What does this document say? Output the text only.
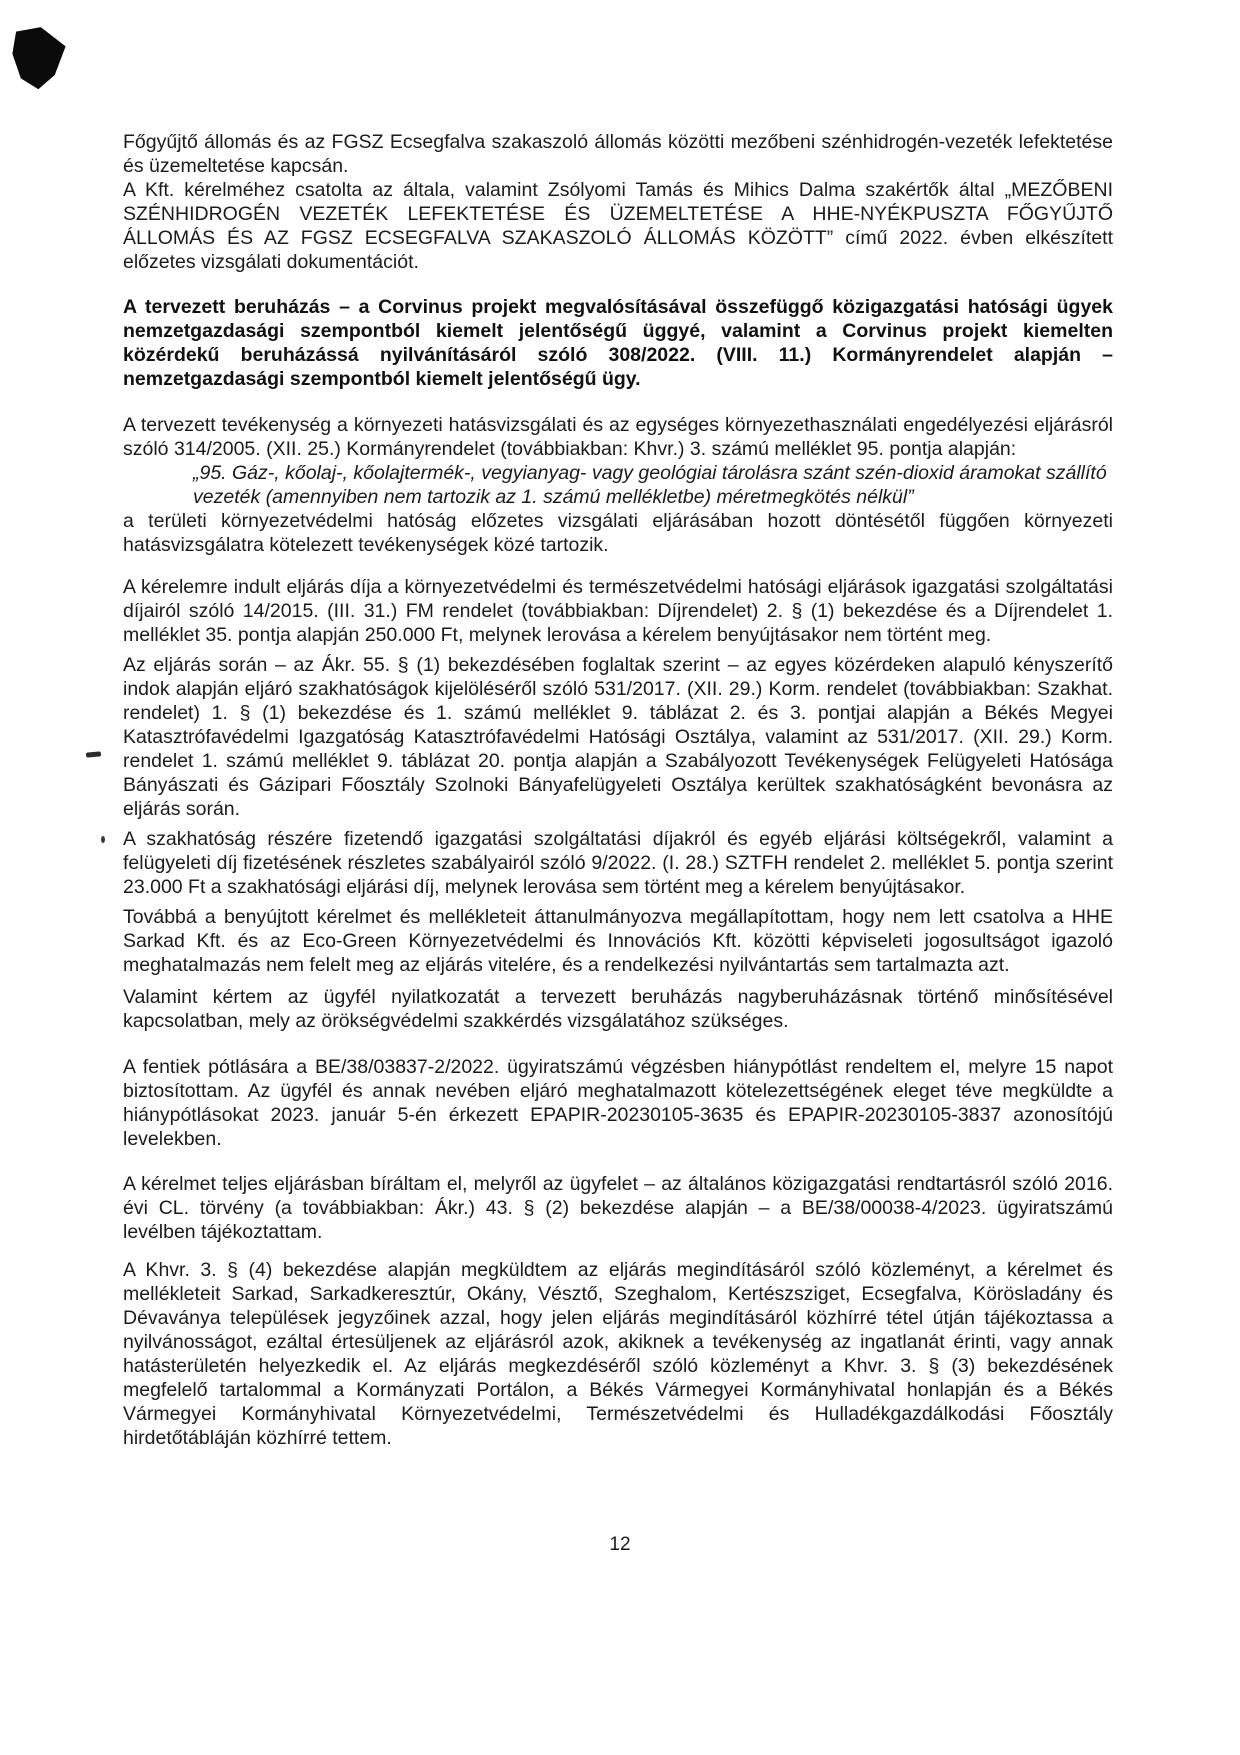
Főgyűjtő állomás és az FGSZ Ecsegfalva szakaszoló állomás közötti mezőbeni szénhidrogén-vezeték lefektetése és üzemeltetése kapcsán.

A Kft. kérelméhez csatolta az általa, valamint Zsólyomi Tamás és Mihics Dalma szakértők által „MEZŐBENI SZÉNHIDROGÉN VEZETÉK LEFEKTETÉSE ÉS ÜZEMELTETÉSE A HHE-NYÉKPUSZTA FŐGYŰJTŐ ÁLLOMÁS ÉS AZ FGSZ ECSEGFALVA SZAKASZOLÓ ÁLLOMÁS KÖZÖTT” című 2022. évben elkészített előzetes vizsgálati dokumentációt.

A tervezett beruházás – a Corvinus projekt megvalósításával összefüggő közigazgatási hatósági ügyek nemzetgazdasági szempontból kiemelt jelentőségű üggyé, valamint a Corvinus projekt kiemelten közérdekű beruházássá nyilvánításáról szóló 308/2022. (VIII. 11.) Kormányrendelet alapján – nemzetgazdasági szempontból kiemelt jelentőségű ügy.

A tervezett tevékenység a környezeti hatásvizsgálati és az egységes környezethasználati engedélyezési eljárásról szóló 314/2005. (XII. 25.) Kormányrendelet (továbbiakban: Khvr.) 3. számú melléklet 95. pontja alapján:

„95. Gáz-, kőolaj-, kőolajtermék-, vegyianyag- vagy geológiai tárolásra szánt szén-dioxid áramokat szállító vezeték (amennyiben nem tartozik az 1. számú mellékletbe) méretmegkötés nélkül”

a területi környezetvédelmi hatóság előzetes vizsgálati eljárásában hozott döntésétől függően környezeti hatásvizsgálatra kötelezett tevékenységek közé tartozik.

A kérelemre indult eljárás díja a környezetvédelmi és természetvédelmi hatósági eljárások igazgatási szolgáltatási díjairól szóló 14/2015. (III. 31.) FM rendelet (továbbiakban: Díjrendelet) 2. § (1) bekezdése és a Díjrendelet 1. melléklet 35. pontja alapján 250.000 Ft, melynek lerovása a kérelem benyújtásakor nem történt meg.

Az eljárás során – az Ákr. 55. § (1) bekezdésében foglaltak szerint – az egyes közérdeken alapuló kényszerítő indok alapján eljáró szakhatóságok kijelöléséről szóló 531/2017. (XII. 29.) Korm. rendelet (továbbiakban: Szakhat. rendelet) 1. § (1) bekezdése és 1. számú melléklet 9. táblázat 2. és 3. pontjai alapján a Békés Megyei Katasztrófavédelmi Igazgatóság Katasztrófavédelmi Hatósági Osztálya, valamint az 531/2017. (XII. 29.) Korm. rendelet 1. számú melléklet 9. táblázat 20. pontja alapján a Szabályozott Tevékenységek Felügyeleti Hatósága Bányászati és Gázipari Főosztály Szolnoki Bányafelügyeleti Osztálya kerültek szakhatóságként bevonásra az eljárás során.

A szakhatóság részére fizetendő igazgatási szolgáltatási díjakról és egyéb eljárási költségekről, valamint a felügyeleti díj fizetésének részletes szabályairól szóló 9/2022. (I. 28.) SZTFH rendelet 2. melléklet 5. pontja szerint 23.000 Ft a szakhatósági eljárási díj, melynek lerovása sem történt meg a kérelem benyújtásakor.

Továbbá a benyújtott kérelmet és mellékleteit áttanulmányozva megállapítottam, hogy nem lett csatolva a HHE Sarkad Kft. és az Eco-Green Környezetvédelmi és Innovációs Kft. közötti képviseleti jogosultságot igazoló meghatalmazás nem felelt meg az eljárás vitelére, és a rendelkezési nyilvántartás sem tartalmazta azt.

Valamint kértem az ügyfél nyilatkozatát a tervezett beruházás nagyberuházásnak történő minősítésével kapcsolatban, mely az örökségvédelmi szakkérdés vizsgálatához szükséges.

A fentiek pótlására a BE/38/03837-2/2022. ügyiratszámú végzésben hiánypótlást rendeltem el, melyre 15 napot biztosítottam. Az ügyfél és annak nevében eljáró meghatalmazott kötelezettségének eleget téve megküldte a hiánypótlásokat 2023. január 5-én érkezett EPAPIR-20230105-3635 és EPAPIR-20230105-3837 azonosítójú levelekben.

A kérelmet teljes eljárásban bíráltam el, melyről az ügyfelet – az általános közigazgatási rendtartásról szóló 2016. évi CL. törvény (a továbbiakban: Ákr.) 43. § (2) bekezdése alapján – a BE/38/00038-4/2023. ügyiratszámú levélben tájékoztattam.

A Khvr. 3. § (4) bekezdése alapján megküldtem az eljárás megindításáról szóló közleményt, a kérelmet és mellékleteit Sarkad, Sarkadkeresztúr, Okány, Vésztő, Szeghalom, Kertészsziget, Ecsegfalva, Körösladány és Dévaványa települések jegyzőinek azzal, hogy jelen eljárás megindításáról közhírré tétel útján tájékoztassa a nyilvánosságot, ezáltal értesüljenek az eljárásról azok, akiknek a tevékenység az ingatlanát érinti, vagy annak hatásterületén helyezkedik el. Az eljárás megkezdéséről szóló közleményt a Khvr. 3. § (3) bekezdésének megfelelő tartalommal a Kormányzati Portálon, a Békés Vármegyei Kormányhivatal honlapján és a Békés Vármegyei Kormányhivatal Környezetvédelmi, Természetvédelmi és Hulladékgazdálkodási Főosztály hirdetőtábláján közhírré tettem.

12
